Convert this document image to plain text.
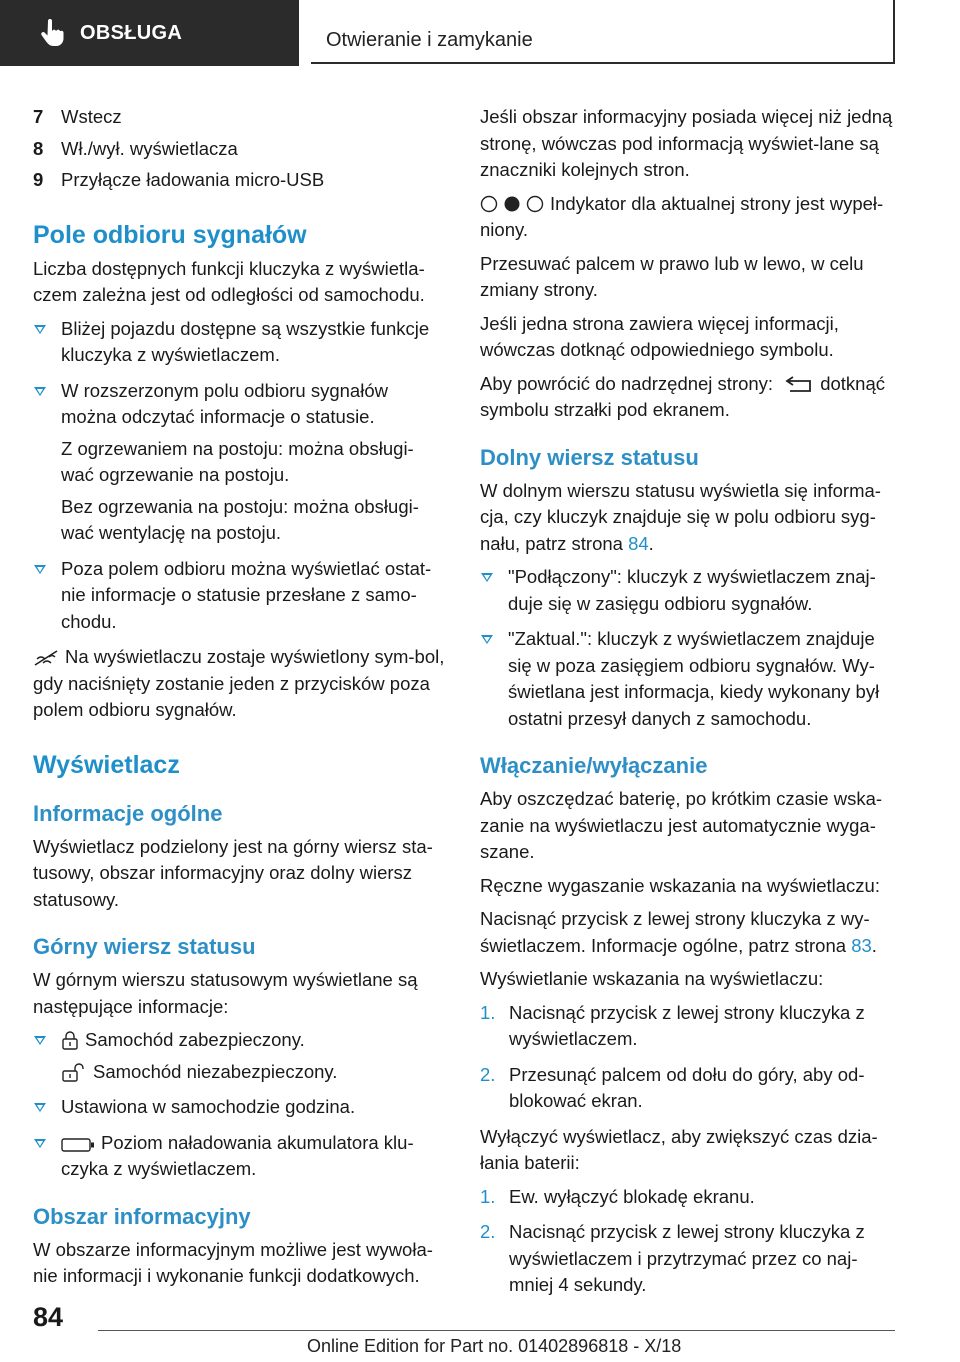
OBSŁUGA	Otwieranie i zamykanie
7 Wstecz
8 Wł./wył. wyświetlacza
9 Przyłącze ładowania micro-USB
Pole odbioru sygnałów

Liczba dostępnych funkcji kluczyka z wyświetla-czem zależna jest od odległości od samochodu.

Bliżej pojazdu dostępne są wszystkie funkcje kluczyka z wyświetlaczem.

W rozszerzonym polu odbioru sygnałów można odczytać informacje o statusie.

Z ogrzewaniem na postoju: można obsługi-wać ogrzewanie na postoju.

Bez ogrzewania na postoju: można obsługi-wać wentylację na postoju.

Poza polem odbioru można wyświetlać ostat-nie informacje o statusie przesłane z samo-chodu.

Na wyświetlaczu zostaje wyświetlony sym-bol, gdy naciśnięty zostanie jeden z przycisków poza polem odbioru sygnałów.

Wyświetlacz
Informacje ogólne

Wyświetlacz podzielony jest na górny wiersz sta-tusowy, obszar informacyjny oraz dolny wiersz statusowy.

Górny wiersz statusu

W górnym wierszu statusowym wyświetlane są następujące informacje:

Samochód zabezpieczony.

Samochód niezabezpieczony.

Ustawiona w samochodzie godzina.

Poziom naładowania akumulatora klu-czyka z wyświetlaczem.

Obszar informacyjny

W obszarze informacyjnym możliwe jest wywoła-nie informacji i wykonanie funkcji dodatkowych.

Jeśli obszar informacyjny posiada więcej niż jedną stronę, wówczas pod informacją wyświet-lane są znaczniki kolejnych stron.

Indykator dla aktualnej strony jest wypeł-niony.

Przesuwać palcem w prawo lub w lewo, w celu zmiany strony.

Jeśli jedna strona zawiera więcej informacji, wówczas dotknąć odpowiedniego symbolu.

Aby powrócić do nadrzędnej strony:	dotknąć symbolu strzałki pod ekranem.

Dolny wiersz statusu

W dolnym wierszu statusu wyświetla się informa-cja, czy kluczyk znajduje się w polu odbioru syg-nału, patrz strona 84.

"Podłączony": kluczyk z wyświetlaczem znaj-duje się w zasięgu odbioru sygnałów.

"Zaktual.": kluczyk z wyświetlaczem znajduje się w poza zasięgiem odbioru sygnałów. Wy-świetlana jest informacja, kiedy wykonany był ostatni przesył danych z samochodu.

Włączanie/wyłączanie

Aby oszczędzać baterię, po krótkim czasie wska-zanie na wyświetlaczu jest automatycznie wyga-szane.

Ręczne wygaszanie wskazania na wyświetlaczu:

Nacisnąć przycisk z lewej strony kluczyka z wy-świetlaczem. Informacje ogólne, patrz strona 83.

Wyświetlanie wskazania na wyświetlaczu:

1. Nacisnąć przycisk z lewej strony kluczyka z wyświetlaczem.
2. Przesunąć palcem od dołu do góry, aby od-blokować ekran.

Wyłączyć wyświetlacz, aby zwiększyć czas dzia-łania baterii:

1. Ew. wyłączyć blokadę ekranu.
2. Nacisnąć przycisk z lewej strony kluczyka z wyświetlaczem i przytrzymać przez co naj-mniej 4 sekundy.
84
Online Edition for Part no. 01402896818 - X/18
